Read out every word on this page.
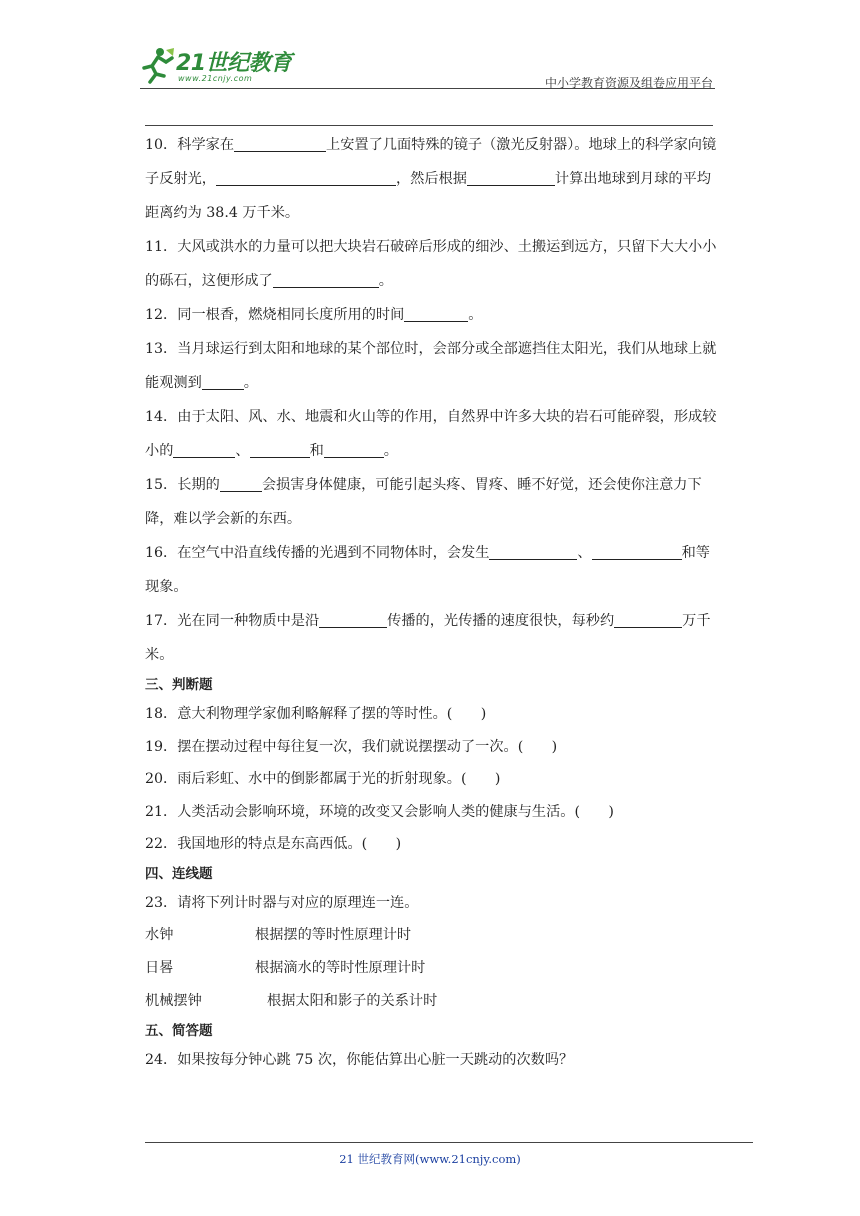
21世纪教育
www.21cnjy.com	中小学教育资源及组卷应用平台

10．科学家在	上安置了几面特殊的镜子（激光反射器）。地球上的科学家向镜子反射光，	，然后根据	计算出地球到月球的平均距离约为 38.4 万千米。

11．大风或洪水的力量可以把大块岩石破碎后形成的细沙、土搬运到远方，只留下大大小小的砾石，这便形成了	。

12．同一根香，燃烧相同长度所用的时间	。

13．当月球运行到太阳和地球的某个部位时，会部分或全部遮挡住太阳光，我们从地球上就能观测到	。

14．由于太阳、风、水、地震和火山等的作用，自然界中许多大块的岩石可能碎裂，形成较小的	、	和	。

15．长期的	会损害身体健康，可能引起头疼、胃疼、睡不好觉，还会使你注意力下降，难以学会新的东西。

16．在空气中沿直线传播的光遇到不同物体时，会发生	、	和等现象。

17．光在同一种物质中是沿	传播的，光传播的速度很快，每秒约	万千米。

三、判断题

18．意大利物理学家伽利略解释了摆的等时性。(　　)

19．摆在摆动过程中每往复一次，我们就说摆摆动了一次。(　　)

20．雨后彩虹、水中的倒影都属于光的折射现象。(　　)

21．人类活动会影响环境，环境的改变又会影响人类的健康与生活。(　　)

22．我国地形的特点是东高西低。(　　)

四、连线题

23．请将下列计时器与对应的原理连一连。

水钟	根据摆的等时性原理计时
日晷	根据滴水的等时性原理计时
机械摆钟	根据太阳和影子的关系计时

五、简答题

24．如果按每分钟心跳 75 次，你能估算出心脏一天跳动的次数吗？

21 世纪教育网(www.21cnjy.com)
